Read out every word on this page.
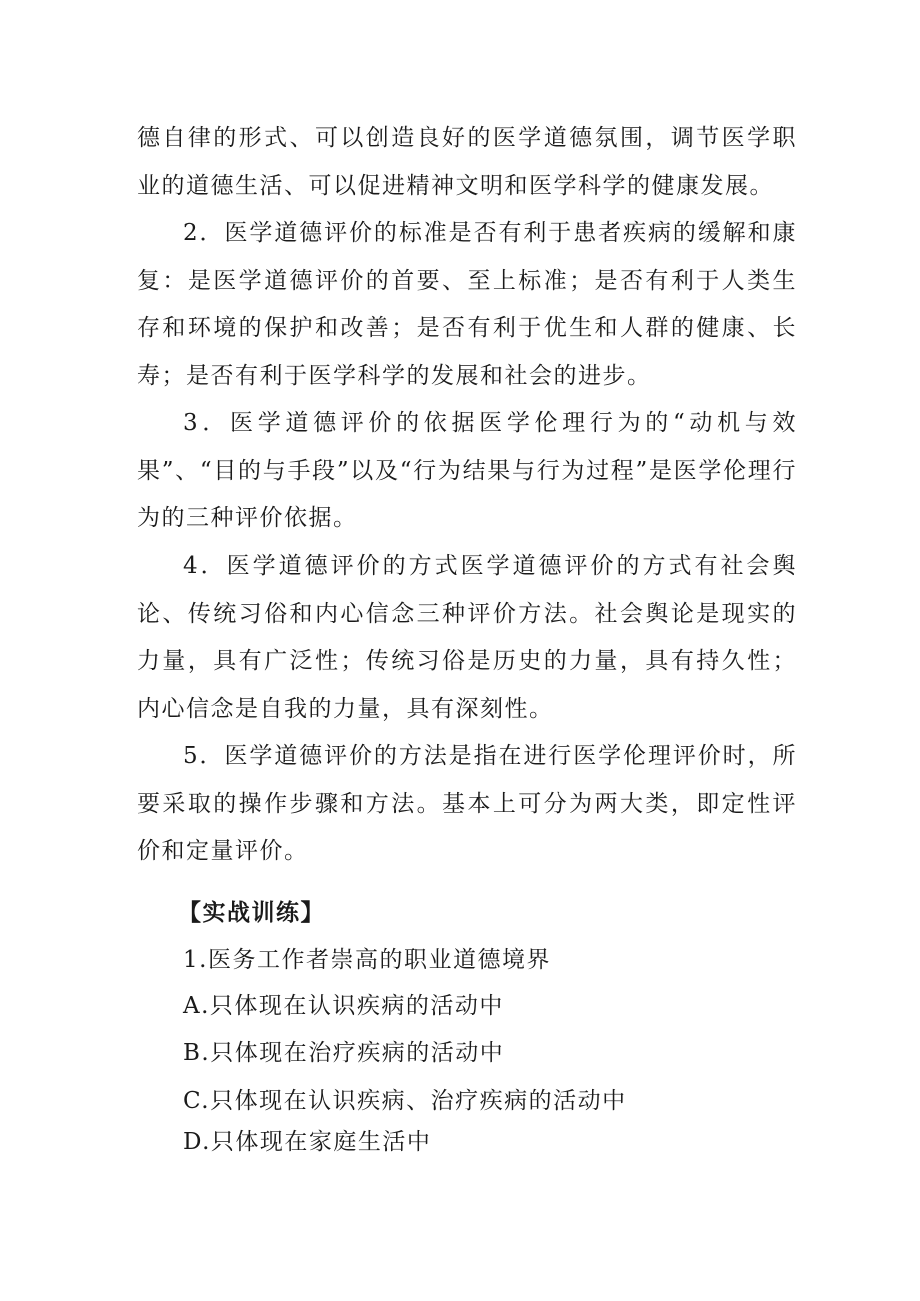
德自律的形式、可以创造良好的医学道德氛围，调节医学职业的道德生活、可以促进精神文明和医学科学的健康发展。

2．医学道德评价的标准是否有利于患者疾病的缓解和康复：是医学道德评价的首要、至上标准；是否有利于人类生存和环境的保护和改善；是否有利于优生和人群的健康、长寿；是否有利于医学科学的发展和社会的进步。

3．医学道德评价的依据医学伦理行为的“动机与效果”、“目的与手段”以及“行为结果与行为过程”是医学伦理行为的三种评价依据。

4．医学道德评价的方式医学道德评价的方式有社会舆论、传统习俗和内心信念三种评价方法。社会舆论是现实的力量，具有广泛性；传统习俗是历史的力量，具有持久性；内心信念是自我的力量，具有深刻性。

5．医学道德评价的方法是指在进行医学伦理评价时，所要采取的操作步骤和方法。基本上可分为两大类，即定性评价和定量评价。

【实战训练】

1.医务工作者崇高的职业道德境界

A.只体现在认识疾病的活动中

B.只体现在治疗疾病的活动中

C.只体现在认识疾病、治疗疾病的活动中

D.只体现在家庭生活中
